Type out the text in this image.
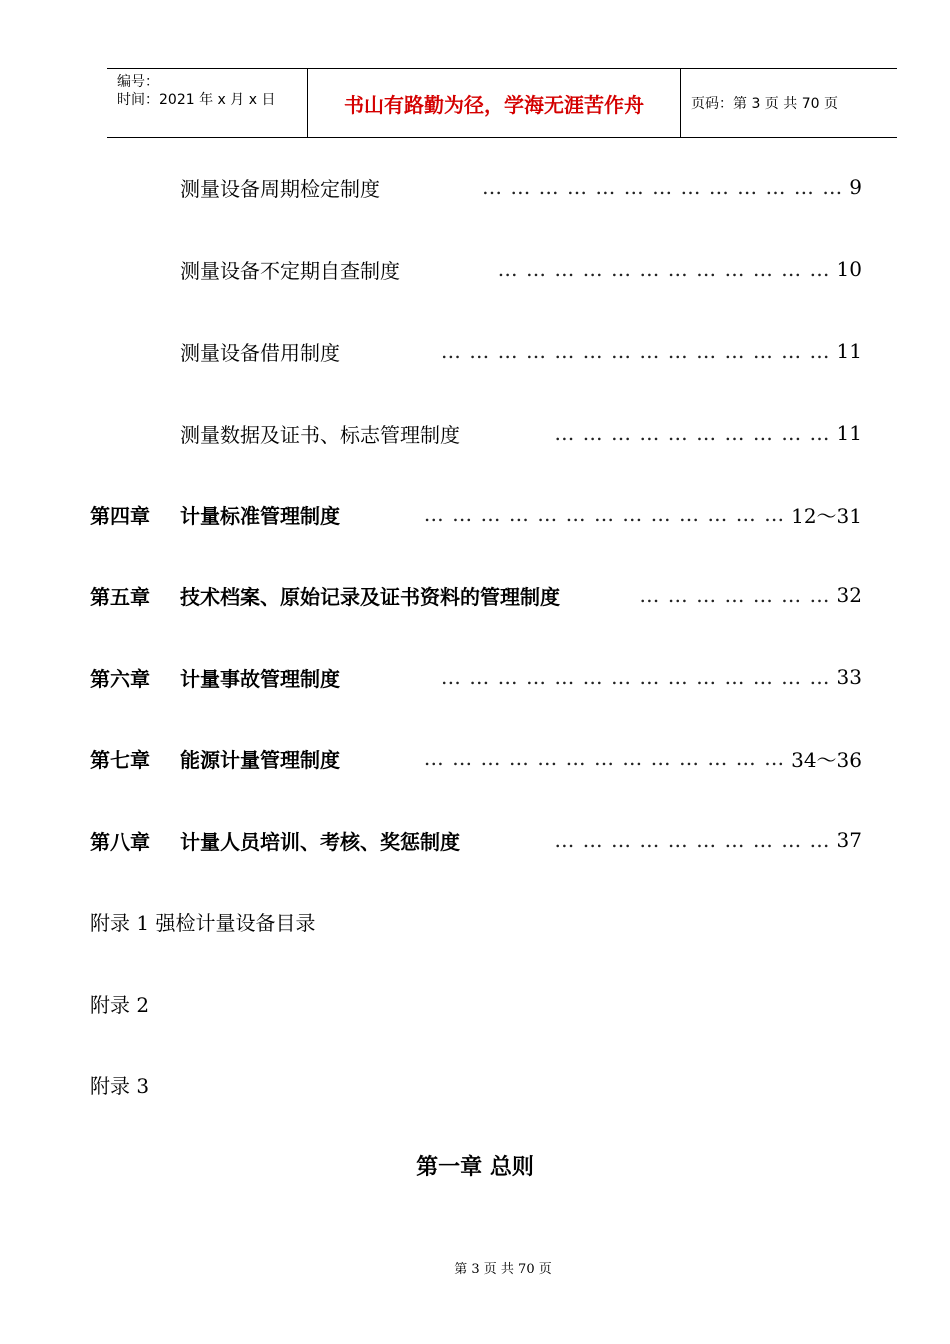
编号：
时间：2021 年 x 月 x 日	书山有路勤为径，学海无涯苦作舟	页码：第 3 页 共 70 页
测量设备周期检定制度	… … … … … … … … … … … … … 9
测量设备不定期自查制度	… … … … … … … … … … … … 10
测量设备借用制度	… … … … … … … … … … … … … … 11
测量数据及证书、标志管理制度	… … … … … … … … … … 11
第四章	计量标准管理制度	… … … … … … … … … … … … … 12～31
第五章	技术档案、原始记录及证书资料的管理制度	… … … … … … … 32
第六章	计量事故管理制度	… … … … … … … … … … … … … … 33
第七章	能源计量管理制度	… … … … … … … … … … … … … 34～36
第八章	计量人员培训、考核、奖惩制度	… … … … … … … … … … 37
附录 1 强检计量设备目录
附录 2
附录 3
第一章 总则
第 3 页 共 70 页
